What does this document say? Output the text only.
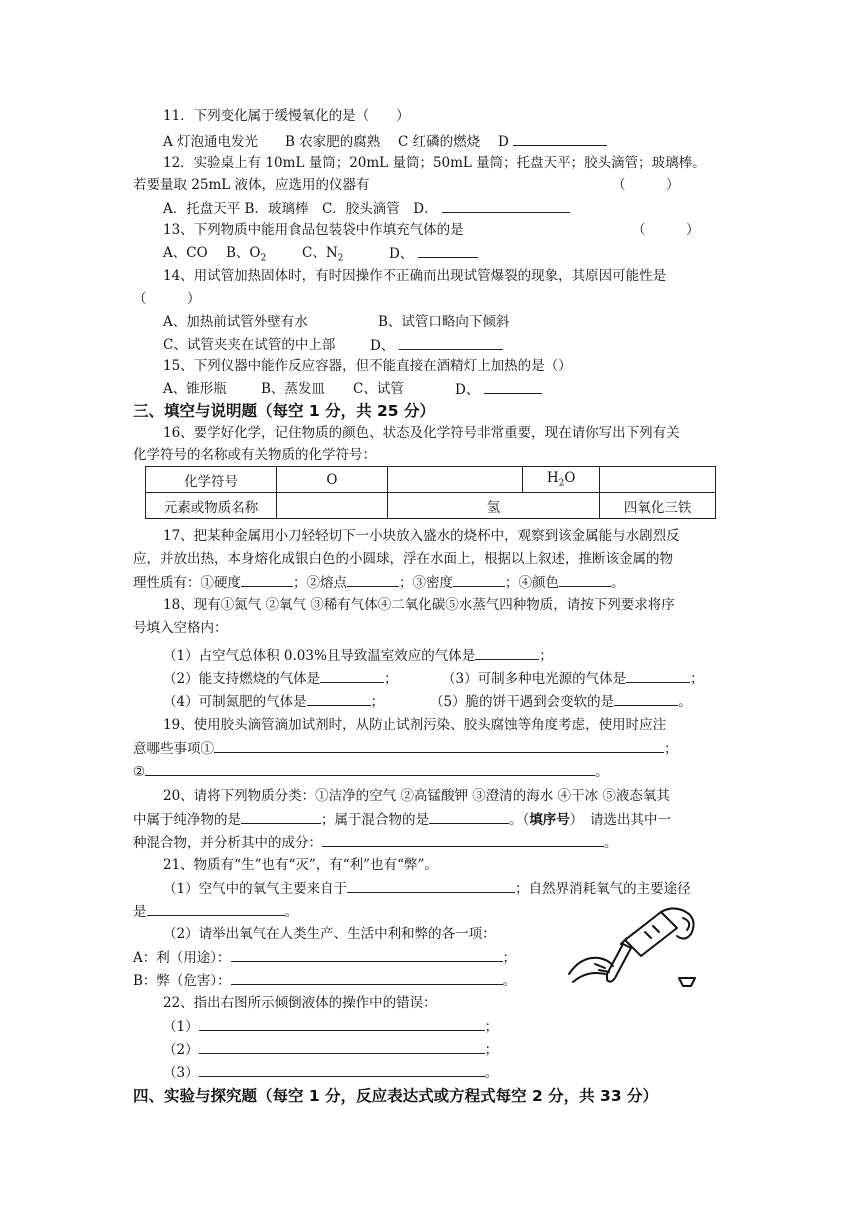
11．下列变化属于缓慢氧化的是（　　）
A 灯泡通电发光　　B 农家肥的腐熟　 C 红磷的燃烧　 D
12．实验桌上有 10mL 量筒；20mL 量筒；50mL 量筒；托盘天平；胶头滴管；玻璃棒。
若要量取 25mL 液体，应选用的仪器有	（　　　）
A．托盘天平 B．玻璃棒　C．胶头滴管　D．
13、下列物质中能用食品包装袋中作填充气体的是	（　　　）
A、CO B、$O_2$	C、$N_2$	D、
14、用试管加热固体时，有时因操作不正确而出现试管爆裂的现象，其原因可能性是
（　　　）
A、加热前试管外壁有水	B、试管口略向下倾斜
C、试管夹夹在试管的中上部	D、
15、下列仪器中能作反应容器，但不能直接在酒精灯上加热的是（）
A、锥形瓶	B、蒸发皿 C、试管	D、
三、填空与说明题（每空 1 分，共 25 分）
16、要学好化学，记住物质的颜色、状态及化学符号非常重要，现在请你写出下列有关
化学符号的名称或有关物质的化学符号：
化学符号	O		$H_2O$	
元素或物质名称		氢		四氧化三铁
17、把某种金属用小刀轻轻切下一小块放入盛水的烧杯中，观察到该金属能与水剧烈反
应，并放出热，本身熔化成银白色的小圆球，浮在水面上，根据以上叙述，推断该金属的物
理性质有：①硬度	；②熔点	；③密度	；④颜色	。
18、现有①氮气 ②氧气 ③稀有气体④二氧化碳⑤水蒸气四种物质，请按下列要求将序
号填入空格内：
（1）占空气总体积 0.03%且导致温室效应的气体是	；
（2）能支持燃烧的气体是	；	（3）可制多种电光源的气体是	；
（4）可制氮肥的气体是	；	（5）脆的饼干遇到会变软的是	。
19、使用胶头滴管滴加试剂时，从防止试剂污染、胶头腐蚀等角度考虑，使用时应注
意哪些事项①	；
②	。
20、请将下列物质分类：①洁净的空气 ②高锰酸钾 ③澄清的海水 ④干冰 ⑤液态氧其
中属于纯净物的是	；属于混合物的是	。（填序号）　请选出其中一
种混合物，并分析其中的成分：	。
21、物质有“生”也有“灭”，有“利”也有“弊”。
（1）空气中的氧气主要来自于	；自然界消耗氧气的主要途径
是	。
（2）请举出氧气在人类生产、生活中利和弊的各一项：
A：利（用途）：	；
B：弊（危害）：	。
22、指出右图所示倾倒液体的操作中的错误：
（1）	；
（2）	；
（3）	。
四、实验与探究题（每空 1 分，反应表达式或方程式每空 2 分，共 33 分）
